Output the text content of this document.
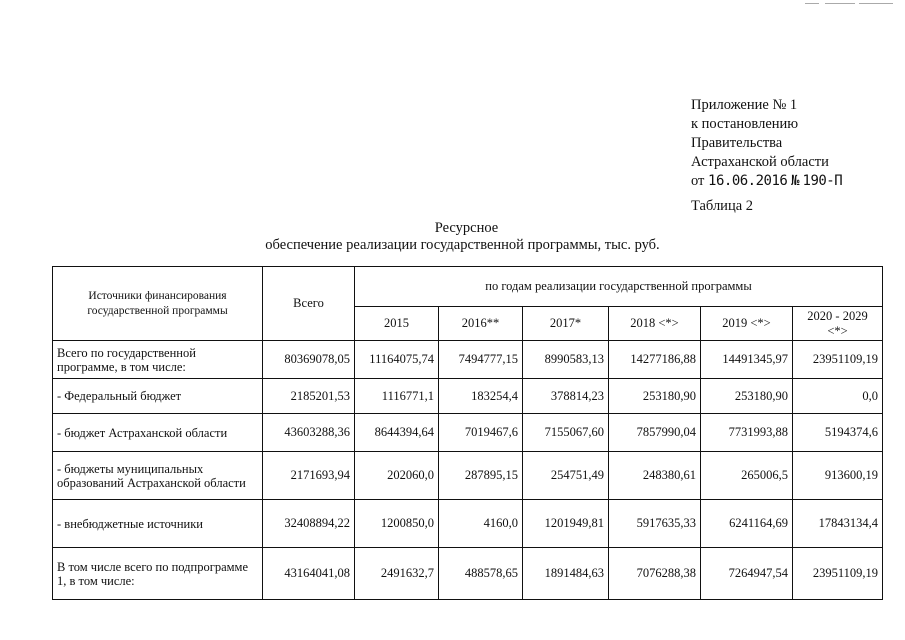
Приложение № 1
к постановлению
Правительства
Астраханской области
от 16.06.2016 № 190-П
Таблица 2
Ресурсное
обеспечение реализации государственной программы, тыс. руб.
Источники финансирования государственной программы	Всего	по годам реализации государственной программы					
		2015	2016**	2017*	2018 <*>	2019 <*>	2020 - 2029 <*>
Всего по государственной программе, в том числе:	80369078,05	11164075,74	7494777,15	8990583,13	14277186,88	14491345,97	23951109,19
- Федеральный бюджет	2185201,53	1116771,1	183254,4	378814,23	253180,90	253180,90	0,0
- бюджет Астраханской области	43603288,36	8644394,64	7019467,6	7155067,60	7857990,04	7731993,88	5194374,6
- бюджеты муниципальных образований Астраханской области	2171693,94	202060,0	287895,15	254751,49	248380,61	265006,5	913600,19
- внебюджетные источники	32408894,22	1200850,0	4160,0	1201949,81	5917635,33	6241164,69	17843134,4
В том числе всего по подпрограмме 1, в том числе:	43164041,08	2491632,7	488578,65	1891484,63	7076288,38	7264947,54	23951109,19
